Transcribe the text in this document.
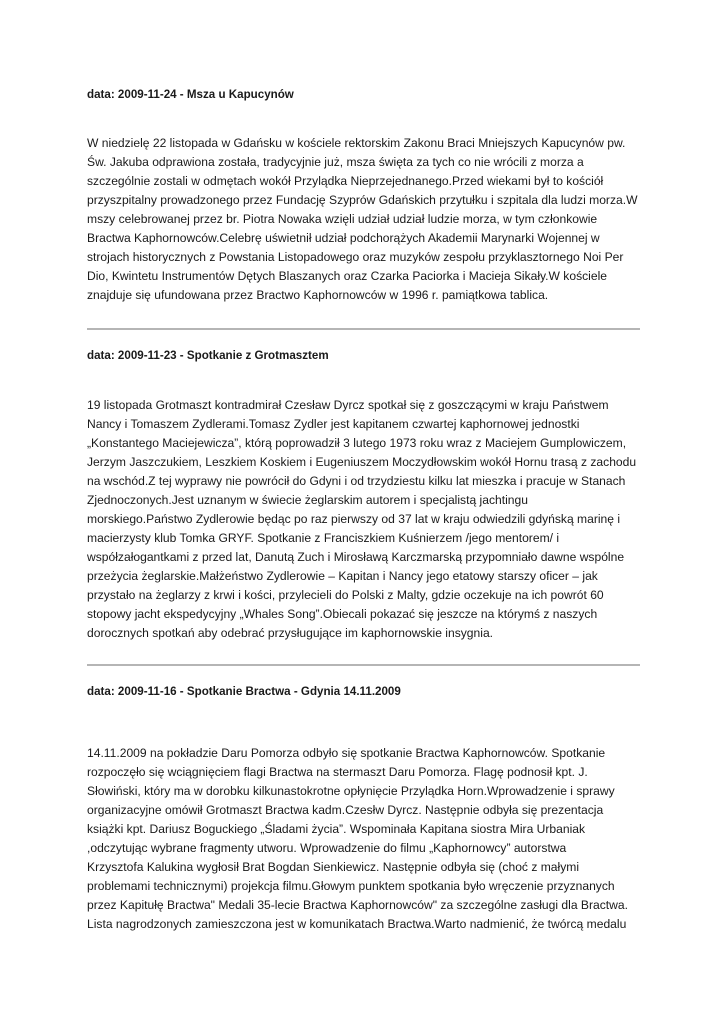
data: 2009-11-24 - Msza u Kapucynów

W niedzielę 22 listopada w Gdańsku w kościele rektorskim Zakonu Braci Mniejszych Kapucynów pw.
Św. Jakuba odprawiona została, tradycyjnie już, msza święta za tych co nie wrócili z morza a
szczególnie zostali w odmętach wokół Przylądka Nieprzejednanego.Przed wiekami był to kościół
przyszpitalny prowadzonego przez Fundację Szyprów Gdańskich przytułku i szpitala dla ludzi morza.W
mszy celebrowanej przez br. Piotra Nowaka wzięli udział udział ludzie morza, w tym członkowie
Bractwa Kaphornowców.Celebrę uświetnił udział podchorążych Akademii Marynarki Wojennej w
strojach historycznych z Powstania Listopadowego oraz muzyków zespołu przyklasztornego Noi Per
Dio, Kwintetu Instrumentów Dętych Blaszanych oraz Czarka Paciorka i Macieja Sikały.W kościele
znajduje się ufundowana przez Bractwo Kaphornowców w 1996 r. pamiątkowa tablica.

data: 2009-11-23 - Spotkanie z Grotmasztem

19 listopada Grotmaszt kontradmirał Czesław Dyrcz spotkał się z goszczącymi w kraju Państwem
Nancy i Tomaszem Zydlerami.Tomasz Zydler jest kapitanem czwartej kaphornowej jednostki
„Konstantego Maciejewicza”, którą poprowadził 3 lutego 1973 roku wraz z Maciejem Gumplowiczem,
Jerzym Jaszczukiem, Leszkiem Koskiem i Eugeniuszem Moczydłowskim wokół Hornu trasą z zachodu
na wschód.Z tej wyprawy nie powrócił do Gdyni i od trzydziestu kilku lat mieszka i pracuje w Stanach
Zjednoczonych.Jest uznanym w świecie żeglarskim autorem i specjalistą jachtingu
morskiego.Państwo Zydlerowie będąc po raz pierwszy od 37 lat w kraju odwiedzili gdyńską marinę i
macierzysty klub Tomka GRYF. Spotkanie z Franciszkiem Kuśnierzem /jego mentorem/ i
współzałogantkami z przed lat, Danutą Zuch i Mirosławą Karczmarską przypomniało dawne wspólne
przeżycia żeglarskie.Małżeństwo Zydlerowie – Kapitan i Nancy jego etatowy starszy oficer – jak
przystało na żeglarzy z krwi i kości, przylecieli do Polski z Malty, gdzie oczekuje na ich powrót 60
stopowy jacht ekspedycyjny „Whales Song”.Obiecali pokazać się jeszcze na którymś z naszych
dorocznych spotkań aby odebrać przysługujące im kaphornowskie insygnia.

data: 2009-11-16 - Spotkanie Bractwa - Gdynia 14.11.2009

14.11.2009 na pokładzie Daru Pomorza odbyło się spotkanie Bractwa Kaphornowców. Spotkanie
rozpoczęło się wciągnięciem flagi Bractwa na stermaszt Daru Pomorza. Flagę podnosił kpt. J.
Słowiński, który ma w dorobku kilkunastokrotne opłynięcie Przylądka Horn.Wprowadzenie i sprawy
organizacyjne omówił Grotmaszt Bractwa kadm.Czesłw Dyrcz. Następnie odbyła się prezentacja
książki kpt. Dariusz Boguckiego „Śladami życia”. Wspominała Kapitana siostra Mira Urbaniak
,odczytując wybrane fragmenty utworu. Wprowadzenie do filmu „Kaphornowcy” autorstwa
Krzysztofa Kalukina wygłosił Brat Bogdan Sienkiewicz. Następnie odbyła się (choć z małymi
problemami technicznymi) projekcja filmu.Głowym punktem spotkania było wręczenie przyznanych
przez Kapitułę Bractwa" Medali 35-lecie Bractwa Kaphornowców" za szczególne zasługi dla Bractwa.
Lista nagrodzonych zamieszczona jest w komunikatach Bractwa.Warto nadmienić, że twórcą medalu
